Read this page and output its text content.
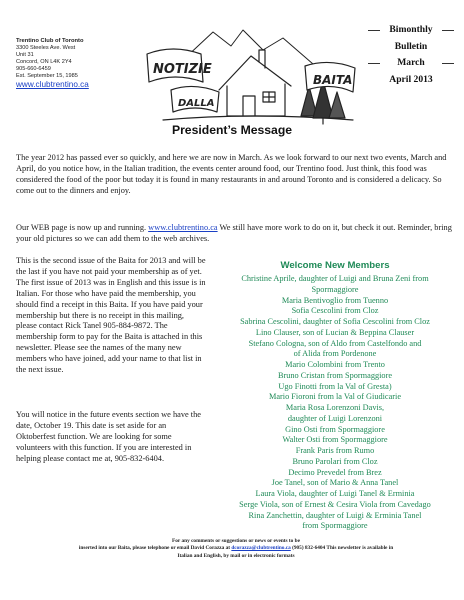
Trentino Club of Toronto
3300 Steeles Ave. West
Unit 31
Concord, ON L4K 2Y4
905-660-6459
Est. September 15, 1985
www.clubtrentino.ca
NOTIZIE
BAITA
DALLA
Bimonthly
Bulletin
March
April 2013
President’s Message
The year 2012 has passed ever so quickly, and here we are now in March. As we look forward to our next two events, March and April, do you notice how, in the Italian tradition, the events center around food, our Trentino food. Just think, this food was considered the food of the poor but today it is found in many restaurants in and around Toronto and is considered a delicacy. So come out to the dinners and enjoy.
Our WEB page is now up and running. www.clubtrentino.ca We still have more work to do on it, but check it out. Reminder, bring your old pictures so we can add them to the web archives.
This is the second issue of the Baita for 2013 and will be the last if you have not paid your membership as of yet. The first issue of 2013 was in English and this issue is in Italian. For those who have paid the membership, you should find a receipt in this Baita. If you have paid your membership but there is no receipt in this mailing, please contact Rick Tanel 905-884-9872. The membership form to pay for the Baita is attached in this newsletter. Please see the names of the many new members who have joined, add your name to that list in the next issue.
You will notice in the future events section we have the date, October 19. This date is set aside for an Oktoberfest function. We are looking for some volunteers with this function. If you are interested in helping please contact me at, 905-832-6404.
Welcome New Members
Christine Aprile, daughter of Luigi and Bruna Zeni from
Spormaggiore
Maria Bentivoglio from Tuenno
Sofia Cescolini from Cloz
Sabrina Cescolini, daughter of Sofia Cescolini from Cloz
Lino Clauser, son of Lucian & Beppina Clauser
Stefano Cologna, son of Aldo from Castelfondo and
of Alida from Pordenone
Mario Colombini from Trento
Bruno Cristan from Spormaggiore
Ugo Finotti from la Val of Gresta)
Mario Fioroni from la Val of Giudicarie
Maria Rosa Lorenzoni Davis,
daughter of Luigi Lorenzoni
Gino Osti from Spormaggiore
Walter Osti from Spormaggiore
Frank Paris from Rumo
Bruno Parolari from Cloz
Decimo Prevedel from Brez
Joe Tanel, son of Mario & Anna Tanel
Laura Viola, daughter of Luigi Tanel & Erminia
Serge Viola, son of Ernest & Cesira Viola from Cavedago
Rina Zanchettin, daughter of Luigi & Erminia Tanel
from Spormaggiore
For any comments or suggestions or news or events to be
inserted into our Baita, please telephone or email David Corazza at dcorazza@clubtrentino.ca (905) 832-6404 This newsletter is available in
Italian and English, by mail or in electronic formats
